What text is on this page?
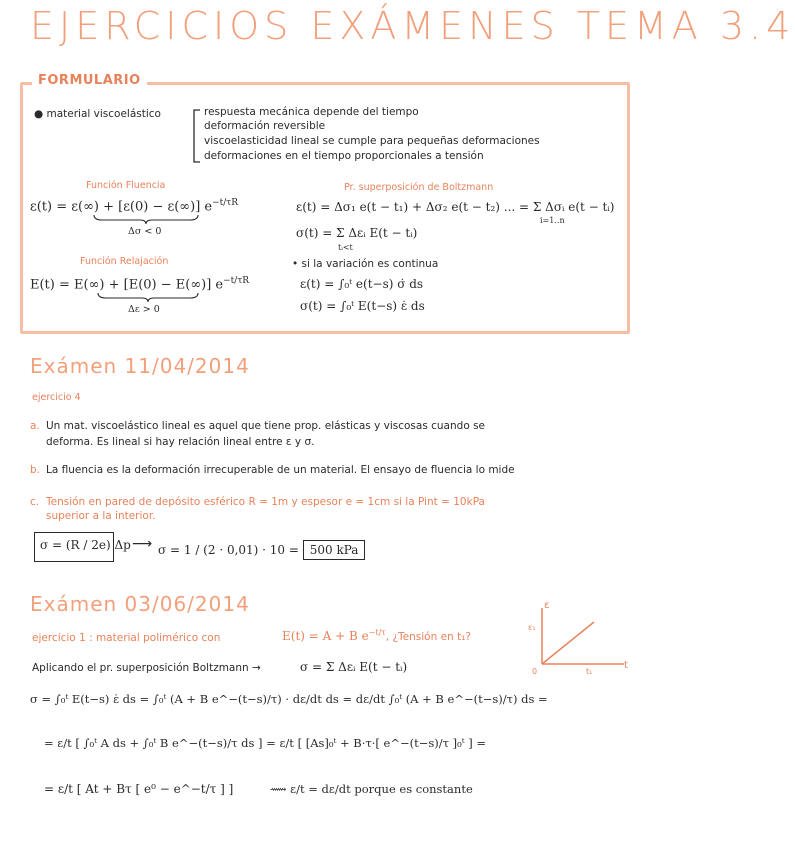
EJERCICIOS EXÁMENES TEMA 3.4
FORMULARIO
● material viscoelástico	respuesta mecánica depende del tiempo
deformación reversible
viscoelasticidad lineal se cumple para pequeñas deformaciones
deformaciones en el tiempo proporcionales a tensión
Función Fluencia
ε(t) = ε(∞) + [ε(0) − ε(∞)] $e^{-t/\tau R}$
Δσ < 0
Función Relajación
E(t) = E(∞) + [E(0) − E(∞)] $e^{-t/\tau R}$
Δε > 0
Pr. superposición de Boltzmann
ε(t) = Δσ₁ e(t − t₁) + Δσ₂ e(t − t₂) ... = Σ Δσᵢ e(t − tᵢ)
i=1..n
σ(t) = Σ Δεᵢ E(t − tᵢ)
tᵢ<t
• si la variación es continua
ε(t) = ∫₀ᵗ e(t−s) σ̇ ds
σ(t) = ∫₀ᵗ E(t−s) ε̇ ds
Exámen 11/04/2014
ejercicio 4
a. Un mat. viscoelástico lineal es aquel que tiene prop. elásticas y viscosas cuando se
deforma. Es lineal si hay relación lineal entre ε y σ.
b. La fluencia es la deformación irrecuperable de un material. El ensayo de fluencia lo mide
c. Tensión en pared de depósito esférico R = 1m y espesor e = 1cm si la Pint = 10kPa
superior a la interior.
σ = (R / 2e) Δp ⟶ σ = 1 / (2 · 0,01) · 10 = 500 kPa
Exámen 03/06/2014
ejercicio 1 : material polimérico con	E(t) = A + B $e^{-t/\tau}$, ¿Tensión en t₁?
ε
t
ε₁
t₁
0
Aplicando el pr. superposición Boltzmann →	σ = Σ Δεᵢ E(t − tᵢ)
σ = ∫₀ᵗ E(t−s) ε̇ ds = ∫₀ᵗ (A + B e^−(t−s)/τ) · dε/dt ds = dε/dt ∫₀ᵗ (A + B e^−(t−s)/τ) ds =
= ε/t [ ∫₀ᵗ A ds + ∫₀ᵗ B e^−(t−s)/τ ds ] = ε/t [ [As]₀ᵗ + B·τ·[ e^−(t−s)/τ ]₀ᵗ ] =
= ε/t [ At + Bτ [ e⁰ − e^−t/τ ] ]	⟿ ε/t = dε/dt porque es constante
